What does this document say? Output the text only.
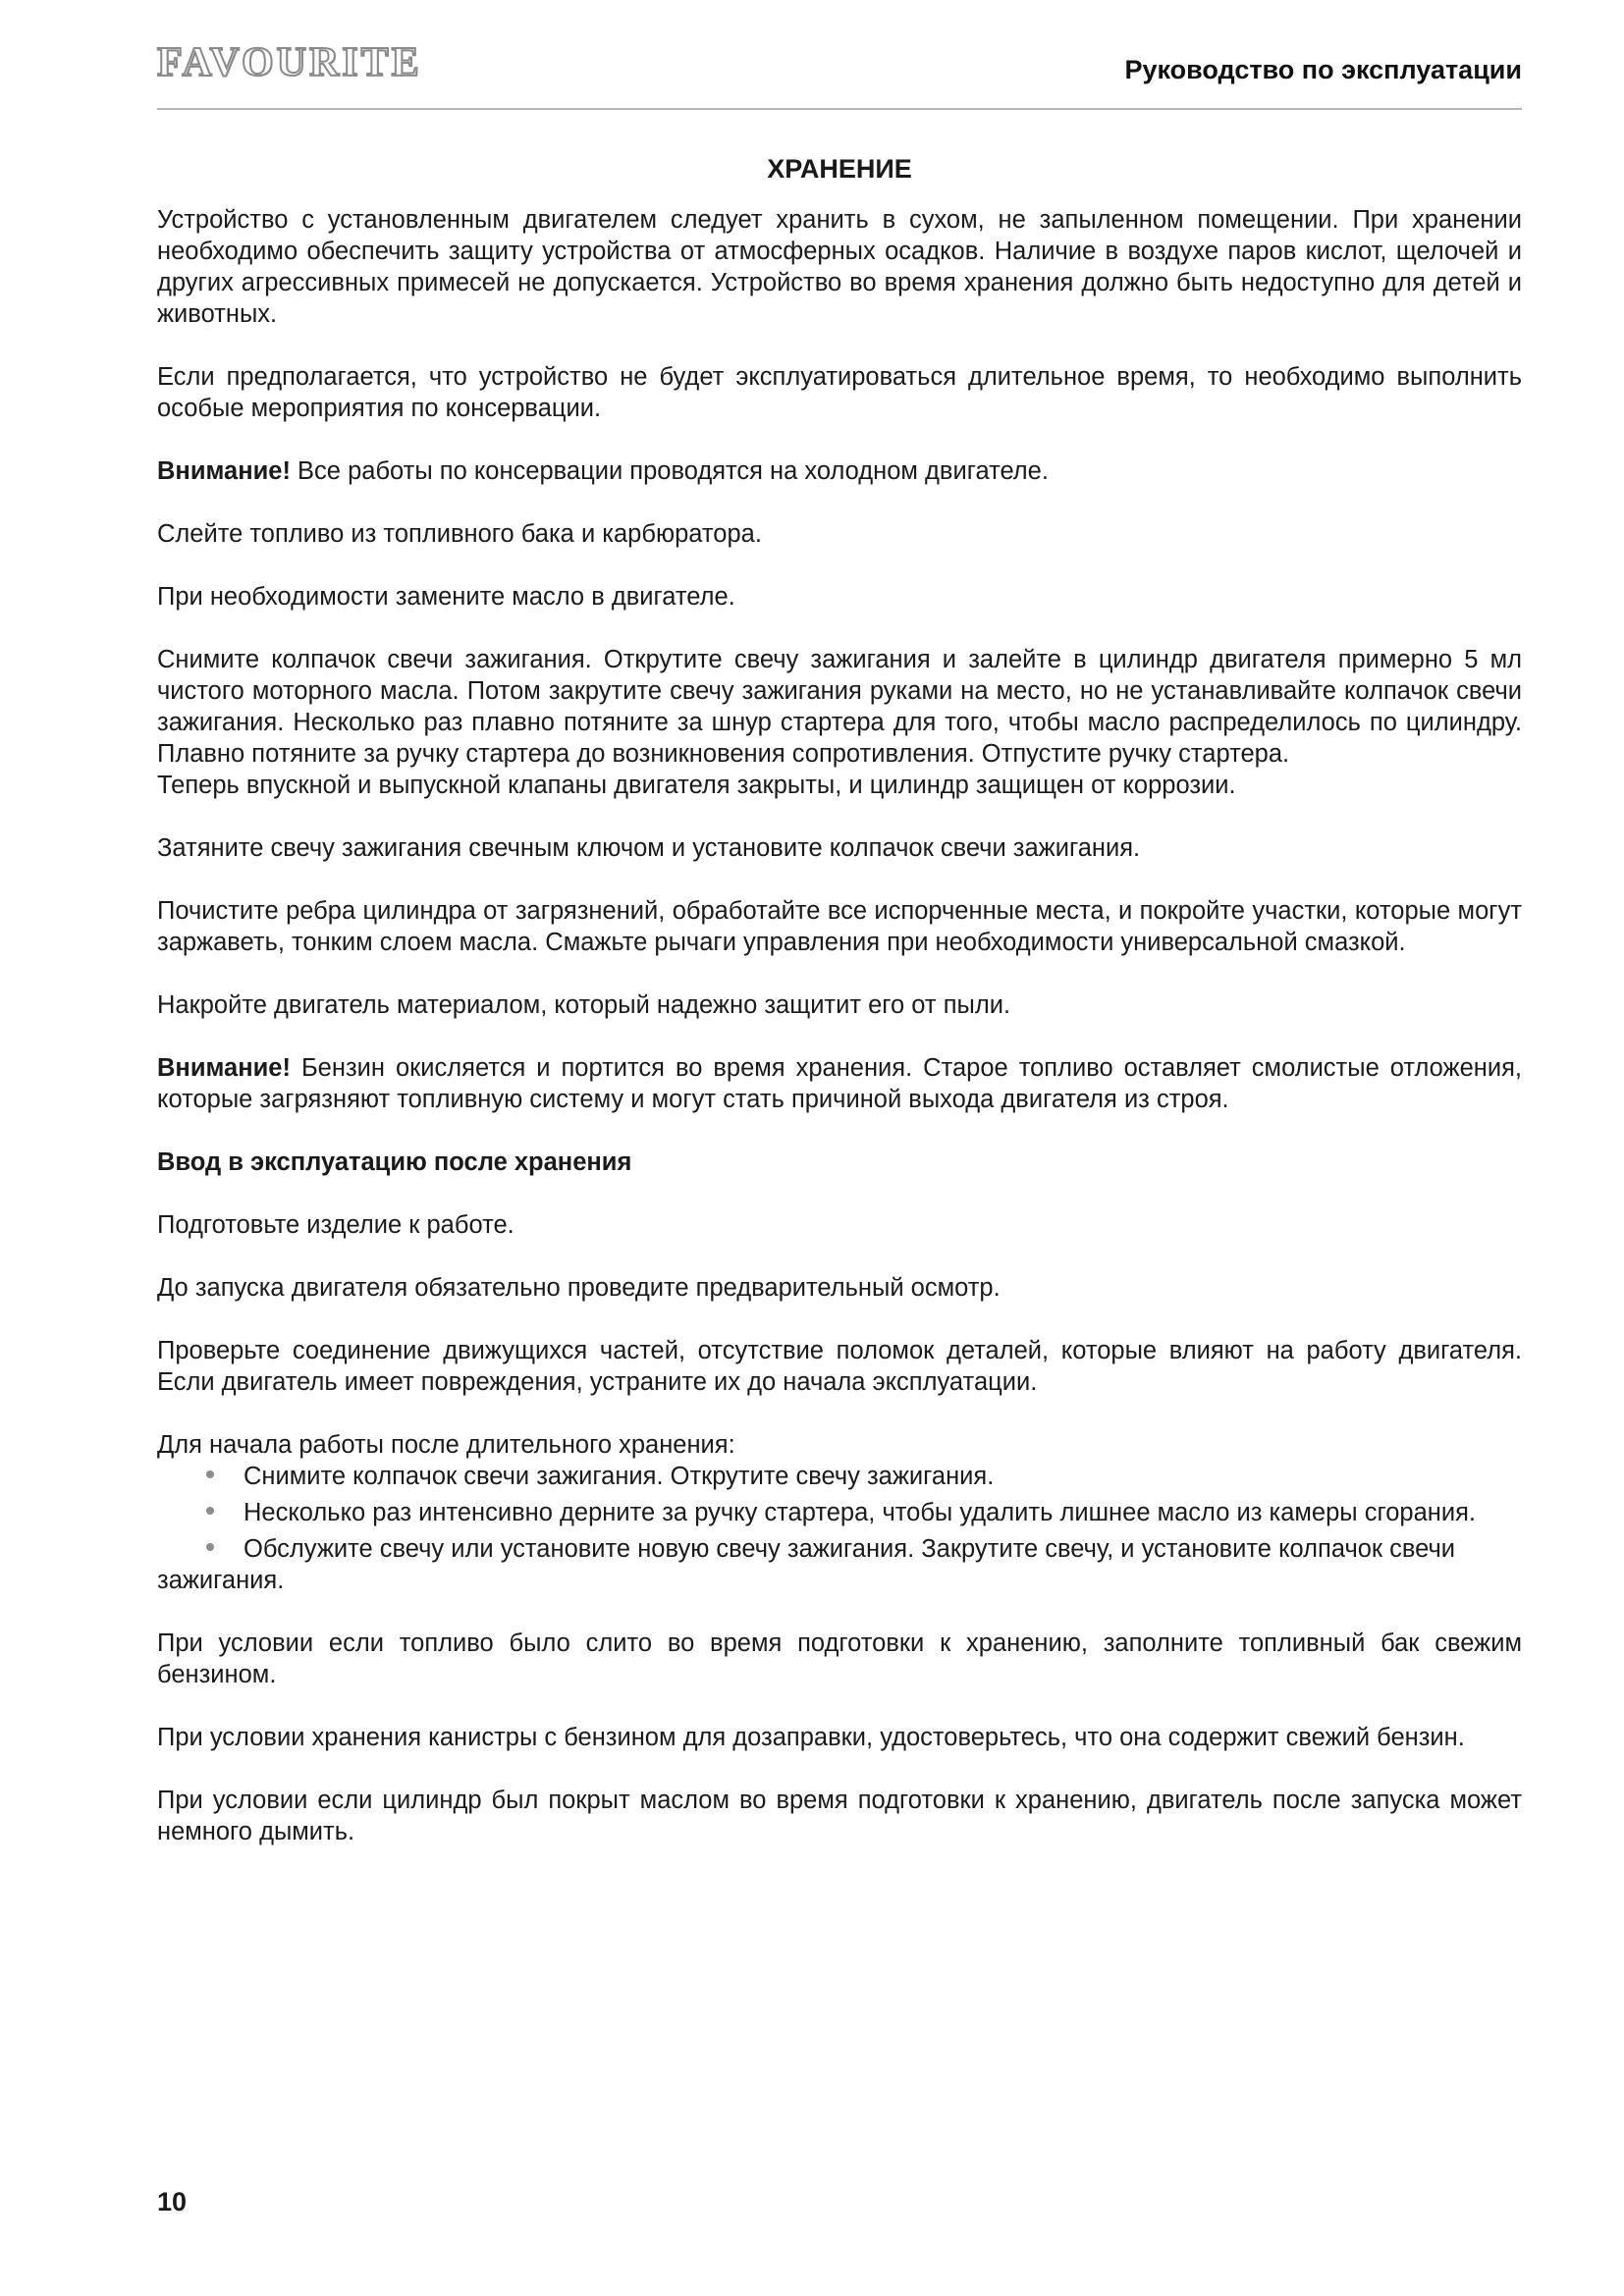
FAVOURITE	Руководство по эксплуатации
ХРАНЕНИЕ

Устройство с установленным двигателем следует хранить в сухом, не запыленном помещении. При хранении необходимо обеспечить защиту устройства от атмосферных осадков. Наличие в воздухе паров кислот, щелочей и других агрессивных примесей не допускается. Устройство во время хранения должно быть недоступно для детей и животных.

Если предполагается, что устройство не будет эксплуатироваться длительное время, то необходимо выполнить особые мероприятия по консервации.

Внимание! Все работы по консервации проводятся на холодном двигателе.

Слейте топливо из топливного бака и карбюратора.

При необходимости замените масло в двигателе.

Снимите колпачок свечи зажигания. Открутите свечу зажигания и залейте в цилиндр двигателя примерно 5 мл чистого моторного масла. Потом закрутите свечу зажигания руками на место, но не устанавливайте колпачок свечи зажигания. Несколько раз плавно потяните за шнур стартера для того, чтобы масло распределилось по цилиндру. Плавно потяните за ручку стартера до возникновения сопротивления. Отпустите ручку стартера.

Теперь впускной и выпускной клапаны двигателя закрыты, и цилиндр защищен от коррозии.

Затяните свечу зажигания свечным ключом и установите колпачок свечи зажигания.

Почистите ребра цилиндра от загрязнений, обработайте все испорченные места, и покройте участки, которые могут заржаветь, тонким слоем масла. Смажьте рычаги управления при необходимости универсальной смазкой.

Накройте двигатель материалом, который надежно защитит его от пыли.

Внимание! Бензин окисляется и портится во время хранения. Старое топливо оставляет смолистые отложения, которые загрязняют топливную систему и могут стать причиной выхода двигателя из строя.

Ввод в эксплуатацию после хранения

Подготовьте изделие к работе.

До запуска двигателя обязательно проведите предварительный осмотр.

Проверьте соединение движущихся частей, отсутствие поломок деталей, которые влияют на работу двигателя. Если двигатель имеет повреждения, устраните их до начала эксплуатации.

Для начала работы после длительного хранения:

Снимите колпачок свечи зажигания. Открутите свечу зажигания.
Несколько раз интенсивно дерните за ручку стартера, чтобы удалить лишнее масло из камеры сгорания.
Обслужите свечу или установите новую свечу зажигания. Закрутите свечу, и установите колпачок свечи зажигания.

При условии если топливо было слито во время подготовки к хранению, заполните топливный бак свежим бензином.

При условии хранения канистры с бензином для дозаправки, удостоверьтесь, что она содержит свежий бензин.

При условии если цилиндр был покрыт маслом во время подготовки к хранению, двигатель после запуска может немного дымить.

10
